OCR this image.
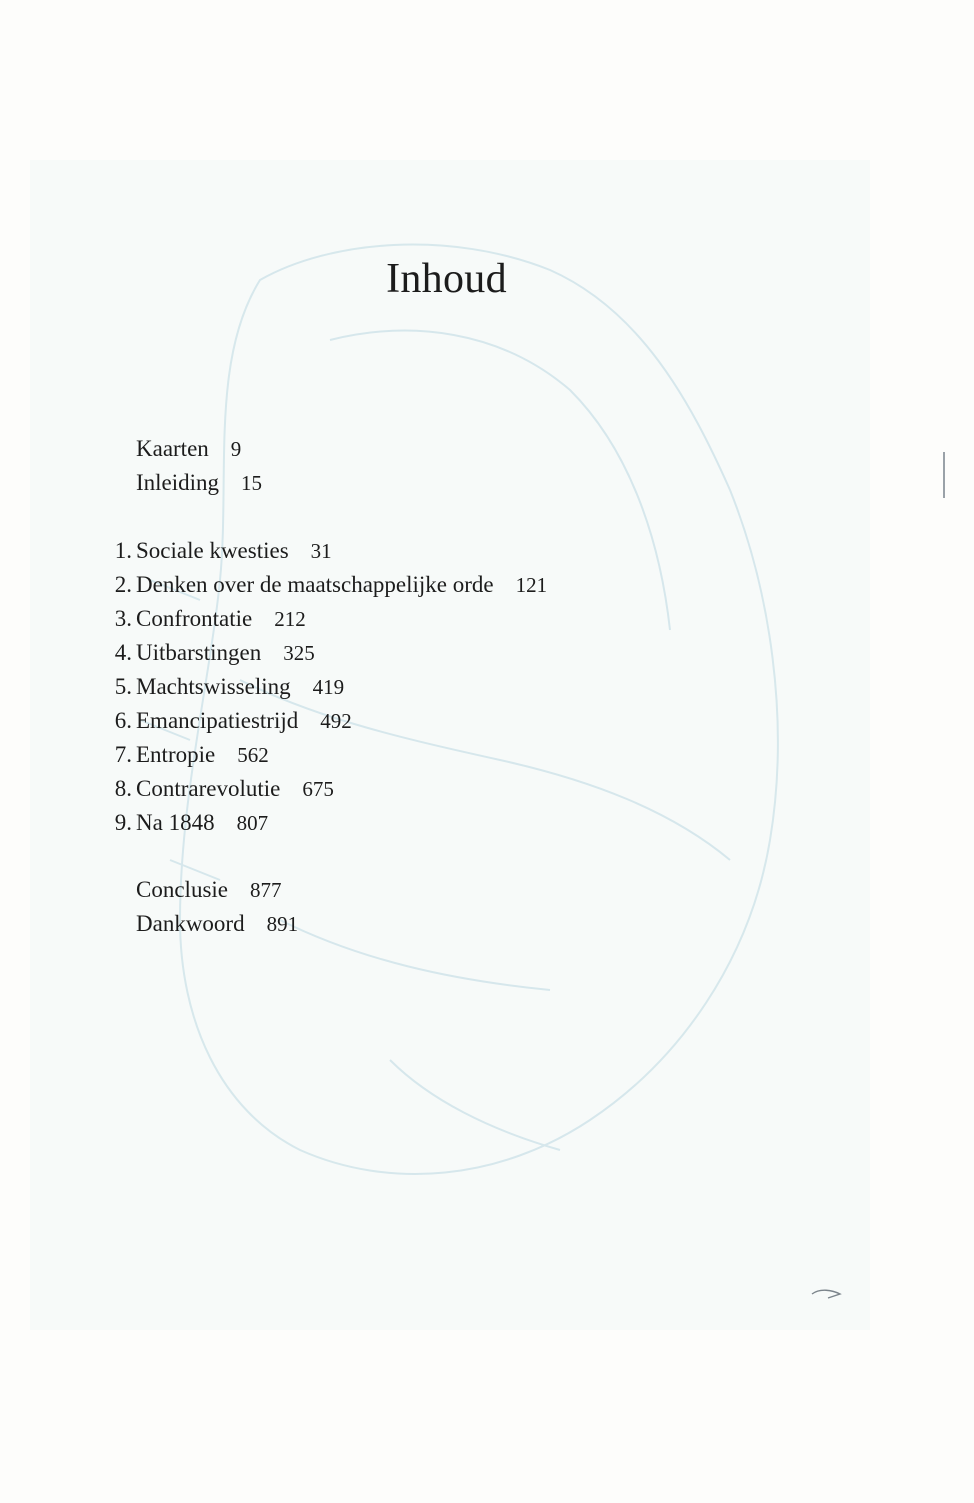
Inhoud
Kaarten 9
Inleiding 15
1. Sociale kwesties 31
2. Denken over de maatschappelijke orde 121
3. Confrontatie 212
4. Uitbarstingen 325
5. Machtswisseling 419
6. Emancipatiestrijd 492
7. Entropie 562
8. Contrarevolutie 675
9. Na 1848 807
Conclusie 877
Dankwoord 891
